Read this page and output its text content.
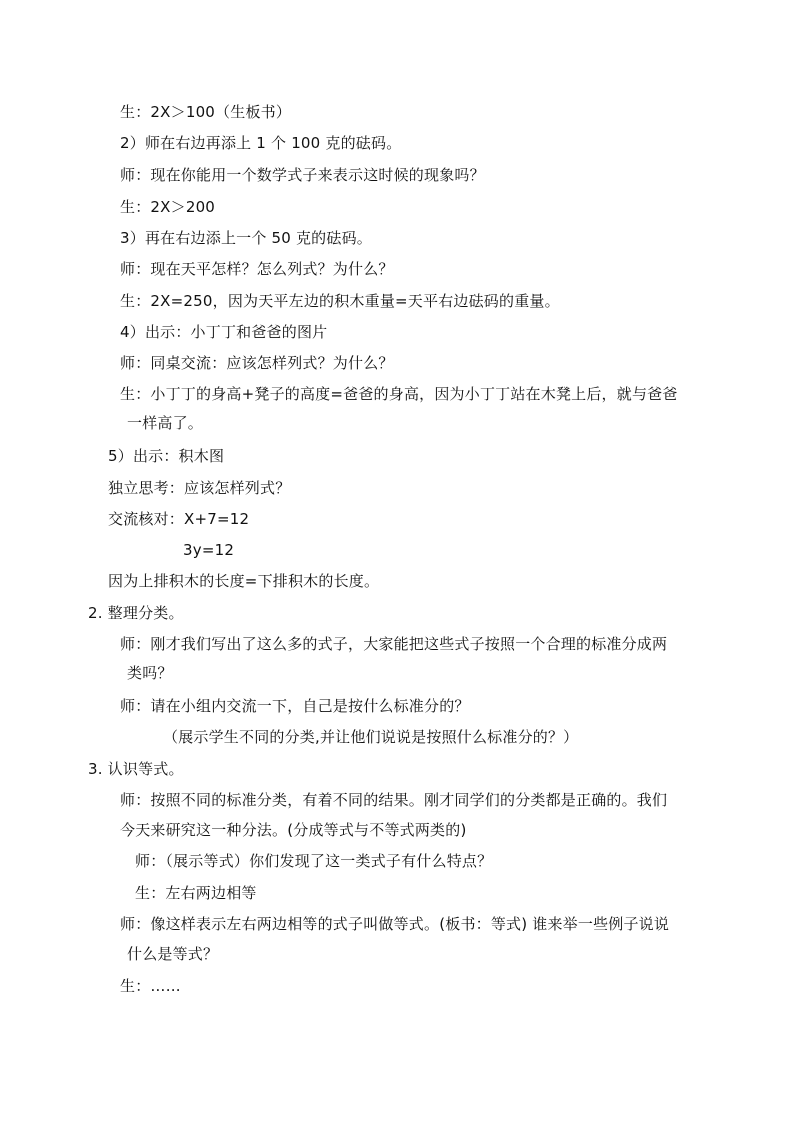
生：2X＞100（生板书）
2）师在右边再添上 1 个 100 克的砝码。
师：现在你能用一个数学式子来表示这时候的现象吗？
生：2X＞200
3）再在右边添上一个 50 克的砝码。
师：现在天平怎样？怎么列式？为什么？
生：2X=250，因为天平左边的积木重量=天平右边砝码的重量。
4）出示：小丁丁和爸爸的图片
师：同桌交流：应该怎样列式？为什么？
生：小丁丁的身高+凳子的高度=爸爸的身高，因为小丁丁站在木凳上后，就与爸爸
一样高了。
5）出示：积木图
独立思考：应该怎样列式？
交流核对：X+7=12
3y=12
因为上排积木的长度=下排积木的长度。
2. 整理分类。
师：刚才我们写出了这么多的式子，大家能把这些式子按照一个合理的标准分成两
类吗？
师：请在小组内交流一下，自己是按什么标准分的？
（展示学生不同的分类,并让他们说说是按照什么标准分的？）
3. 认识等式。
师：按照不同的标准分类，有着不同的结果。刚才同学们的分类都是正确的。我们
今天来研究这一种分法。(分成等式与不等式两类的)
师：（展示等式）你们发现了这一类式子有什么特点？
生：左右两边相等
师：像这样表示左右两边相等的式子叫做等式。(板书：等式) 谁来举一些例子说说
什么是等式？
生：……
